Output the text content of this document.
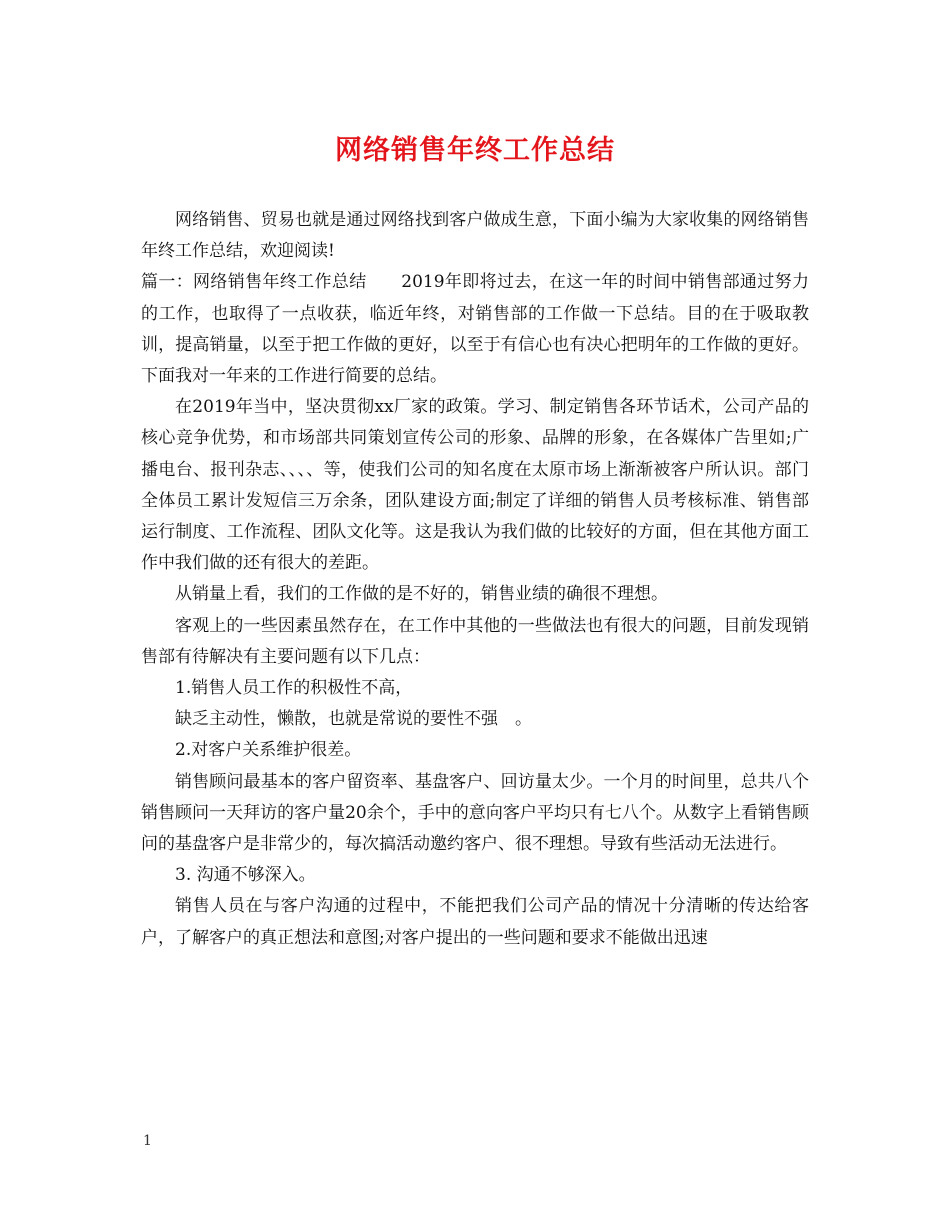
网络销售年终工作总结

网络销售、贸易也就是通过网络找到客户做成生意，下面小编为大家收集的网络销售年终工作总结，欢迎阅读!

篇一：网络销售年终工作总结　　2019年即将过去，在这一年的时间中销售部通过努力的工作，也取得了一点收获，临近年终，对销售部的工作做一下总结。目的在于吸取教训，提高销量，以至于把工作做的更好，以至于有信心也有决心把明年的工作做的更好。下面我对一年来的工作进行简要的总结。

在2019年当中，坚决贯彻xx厂家的政策。学习、制定销售各环节话术，公司产品的核心竞争优势，和市场部共同策划宣传公司的形象、品牌的形象，在各媒体广告里如;广播电台、报刊杂志、、、、等，使我们公司的知名度在太原市场上渐渐被客户所认识。部门全体员工累计发短信三万余条，团队建设方面;制定了详细的销售人员考核标准、销售部运行制度、工作流程、团队文化等。这是我认为我们做的比较好的方面，但在其他方面工作中我们做的还有很大的差距。

从销量上看，我们的工作做的是不好的，销售业绩的确很不理想。

客观上的一些因素虽然存在，在工作中其他的一些做法也有很大的问题，目前发现销售部有待解决有主要问题有以下几点：

1.销售人员工作的积极性不高，

缺乏主动性，懒散，也就是常说的要性不强　。

2.对客户关系维护很差。

销售顾问最基本的客户留资率、基盘客户、回访量太少。一个月的时间里，总共八个销售顾问一天拜访的客户量20余个，手中的意向客户平均只有七八个。从数字上看销售顾问的基盘客户是非常少的，每次搞活动邀约客户、很不理想。导致有些活动无法进行。

3. 沟通不够深入。

销售人员在与客户沟通的过程中，不能把我们公司产品的情况十分清晰的传达给客户，了解客户的真正想法和意图;对客户提出的一些问题和要求不能做出迅速

1
